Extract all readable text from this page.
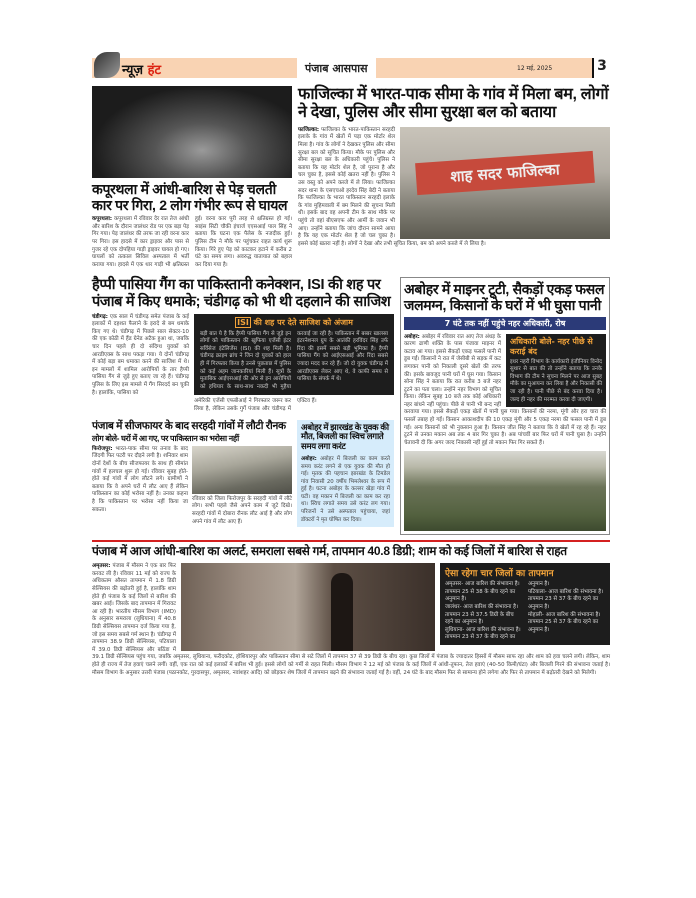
न्यूज़ हंट	पंजाब आसपास	12 मई, 2025	3
कपूरथला में आंधी-बारिश से पेड़ चलती कार पर गिरा, 2 लोग गंभीर रूप से घायल
कपूरथला: कपूरथला में रविवार देर रात तेज आंधी और बारिश के दौरान जालंधर रोड पर एक बड़ा पेड़ गिर गया। पेड़ जालंधर की तरफ जा रही वरना कार पर गिरा। इस हादसे में कार ड्राइवर और पास से गुजर रहे एक दोपहिया गाड़ी ड्राइवर घायल हो गए। घायलों को तत्काल सिविल अस्पताल में भर्ती कराया गया। हादसे में एक थार गाड़ी भी क्षतिग्रस्त हुई। वरना कार पूरी तरह से क्षतिग्रस्त हो गई। साइंस सिटी चौकी इंचार्ज एएसआई पाल सिंह ने बताया कि घटना एक पैलेस के नजदीक हुई। पुलिस टीम ने मौके पर पहुंचकर राहत कार्य शुरू किया। गिरे हुए पेड़ को काटकर हटाने में करीब 2 घंटे का समय लगा। अवरुद्ध यातायात को बहाल कर दिया गया है।
फाजिल्का में भारत-पाक सीमा के गांव में मिला बम, लोगों ने देखा, पुलिस और सीमा सुरक्षा बल को बताया
शाह सदर फाजिल्का
फाजिल्का: फाजिल्का के भारत-पाकिस्तान सरहदी इलाके के गांव में खेतों में पड़ा एक मोर्टार शेल मिला है। गांव के लोगों ने देखकर पुलिस और सीमा सुरक्षा बल को सूचित किया। मौके पर पुलिस और सीमा सुरक्षा बल के अधिकारी पहुंचे। पुलिस ने बताया कि यह मोर्टार शेल है, जो पुराना है और चल चुका है, इससे कोई खतरा नहीं है। पुलिस ने उस वस्तु को अपने कब्जे में ले लिया। फाजिल्का सदर थाना के एसएचओ हरदेव सिंह बेदी ने बताया कि फाजिल्का के भारत पाकिस्तान सरहदी इलाके के गांव मुहिमवाली में बम मिलने की सूचना मिली थी। इसके बाद वह अपनी टीम के साथ मौके पर पहुंचे तो वहां बीएसएफ और आर्मी के जवान भी आए। उन्होंने बताया कि जांच दौरान सामने आया है कि यह एक मोर्टार शेल है जो चल चुका है। इससे कोई खतरा नहीं है। लोगों ने देखा और तभी सूचित किया, बम को अपने कब्जे में ले लिया है।
हैप्पी पासिया गैंग का पाकिस्तानी कनेक्शन, ISI की शह पर पंजाब में किए धमाके; चंडीगढ़ को भी थी दहलाने की साजिश
चंडीगढ़: एक साल में चंडीगढ़ समेत पंजाब के कई इलाकों में दहशत फैलाने के इरादे से बम धमाके किए गए थे। चंडीगढ़ में पिछले साल सेक्टर-10 की एक कोठी में हैंड ग्रेनेड अटैक हुआ था, जबकि चार दिन पहले ही दो संदिग्ध युवकों को आरडीएक्स के साथ पकड़ा गया। ये दोनों चंडीगढ़ में कोई बड़ा बम धमाका करने की साजिश में थे। इन मामलों में शामिल आरोपियों के तार हैप्पी पासिया गैंग से जुड़े हुए बताए जा रहे हैं। चंडीगढ़ पुलिस के लिए इस मामले में गैंग सिरदर्द बन चुकी है। हालांकि, पासिया को
ISI की शह पर देते साजिश को अंजाम
बड़ी बात ये है कि हैप्पी पासिया गैंग से जुड़े इन लोगों को पाकिस्तान की खुफिया एजेंसी इंटर सर्विसेज इंटेलिजेंस (ISI) की शह मिली है। चंडीगढ़ क्राइम ब्रांच ने जिन दो युवकों को हाल ही में गिरफ्तार किया है उनसे पूछताछ में पुलिस को कई अहम जानकारियां मिली हैं। सूत्रों के मुताबिक आईएसआई की ओर से इन आरोपियों को हथियार के साथ-साथ नकदी भी मुहैया करवाई जा रही है। पाकिस्तान में बब्बर खालसा इंटरनेशनल ग्रुप के आतंकी हरविंदर सिंह उर्फ रिंदा की इसमें सबसे बड़ी भूमिका है। हैप्पी पासिया गैंग को आईएसआई और रिंदा सबसे ज्यादा मदद कर रहे हैं। जो दो युवक चंडीगढ़ में आरडीएक्स लेकर आए थे, वे काफी समय से पासिया के संपर्क में थे।
अमेरिकी एजेंसी एफबीआई ने गिरफ्तार जरूर कर लिया है, लेकिन उसके गुर्गे पंजाब और चंडीगढ़ में एक्टिव हैं।
पंजाब में सीजफायर के बाद सरहदी गांवों में लौटी रौनक
लोग बोले- घरों में आ गए, पर पाकिस्तान का भरोसा नहीं
फिरोजपुर: भारत-पाक सीमा पर तनाव के बाद जिंदगी फिर पटरी पर दौड़ने लगी है। शनिवार शाम दोनों देशों के बीच सीजफायर के साथ ही सीमांत गांवों में हलचल शुरू हो गई। रविवार सुबह होते-होते कई गांवों में लोग लौटने लगे। ग्रामीणों ने बताया कि वे अपने घरों में लौट आए हैं लेकिन पाकिस्तान का कोई भरोसा नहीं है। उनका कहना है कि पाकिस्तान पर भरोसा नहीं किया जा सकता।
रविवार को जिला फिरोजपुर के सरहदी गांवों में लौटे लोग। सभी पहले जैसे अपने काम में जुटे दिखे। सरहदी गांवों में दोबारा रौनक लौट आई है और लोग अपने गांव में लौट आए हैं।
अबोहर में झारखंड के युवक की मौत, बिजली का स्विच लगाते समय लगा करंट
अबोहर: अबोहर में बिजली का काम करते समय करंट लगने से एक युवक की मौत हो गई। मृतक की पहचान झारखंड के टिमडेल गांव निवासी 20 वर्षीय भिमलेश्वर के रूप में हुई है। घटना अबोहर के कल्लर खेड़ा गांव में घटी। वह मकान में बिजली का काम कर रहा था। स्विच लगाते समय उसे करंट लग गया। परिजनों ने उसे अस्पताल पहुंचाया, जहां डॉक्टरों ने मृत घोषित कर दिया।
अबोहर में माइनर टूटी, सैकड़ों एकड़ फसल जलमग्न, किसानों के घरों में भी घुसा पानी
7 घंटे तक नहीं पहुंचे नहर अधिकारी, रोष
अधिकारी बोले- नहर पीछे से कराई बंद
इधर नहरी विभाग के कार्यकारी इंजीनियर विनोद सुथार से बात की तो उन्होंने बताया कि उनके विभाग की टीम ने सूचना मिलने पर आज सुबह मौके का मुआयना कर लिया है और निकासी की जा रही है। पानी पीछे से बंद करवा दिया है। जल्द ही नहर की मरम्मत करवा दी जाएगी।
अबोहर: अबोहर में रविवार रात आए तेज अंधड़ के कारण ढाणी शक्ति के पास पंजावा माइनर में कटाव आ गया। इससे सैकड़ों एकड़ फसलें पानी में डूब गईं। किसानों ने रात में जेसीबी से सड़क में कट लगाकर पानी को निकाली दूसरे खेतों की तरफ की। इसके बावजूद पानी घरों में घुस गया। किसान सोना सिंह ने बताया कि रात करीब 3 बजे नहर टूटने का पता चला। उन्होंने नहर विभाग को सूचित किया। लेकिन सुबह 10 बजे तक कोई अधिकारी नहर बांधने नहीं पहुंचा। पीछे से पानी भी बन्द नहीं करवाया गया। इससे सैकड़ों एकड़ खेतों में पानी घुस गया। किसानों की नरमा, मूंगी और हरा चारा की फसलें तबाह हो गईं। किसान आकाशदीप की 10 एकड़ मूंगी और 5 एकड़ नरमा की फसल पानी में डूब गई। अन्य किसानों को भी नुकसान हुआ है। किसान जीत सिंह ने बताया कि वे खेतों में रह रहे हैं। नहर टूटने से उनका मकान अब तक 4 बार गिर चुका है। अब पांचवीं बार फिर घरों में पानी घुसा है। उन्होंने चेतावनी दी कि अगर जल्द निकासी नहीं हुई तो मकान फिर गिर सकते हैं।
पंजाब में आज आंधी-बारिश का अलर्ट, समराला सबसे गर्म, तापमान 40.8 डिग्री; शाम को कई जिलों में बारिश से राहत
ऐसा रहेगा चार जिलों का तापमान
अमृतसर- आज बारिश की संभावना है। तापमान 25 से 38 के बीच रहने का अनुमान है।
जालंधर- आज बारिश की संभावना है। तापमान 23 से 37.5 डिग्री के बीच रहने का अनुमान है।
लुधियाना- आज बारिश की संभावना है। तापमान 23 से 37 के बीच रहने का अनुमान है।
पटियाला- आज बारिश की संभावना है। तापमान 23 से 37 के बीच रहने का अनुमान है।
मोहाली- आज बारिश की संभावना है। तापमान 25 से 37 के बीच रहने का अनुमान है।
अमृतसर: पंजाब में मौसम ने एक बार फिर करवट ली है। रविवार 11 मई को राज्य के अधिकतम औसत तापमान में 1.8 डिग्री सेल्सियस की बढ़ोतरी हुई है, हालांकि शाम होते ही पंजाब के कई जिलों से बारिश की खबर आई। जिसके बाद तापमान में गिरावट आ रही है। भारतीय मौसम विभाग (IMD) के अनुसार समराला (लुधियाना) में 40.8 डिग्री सेल्सियस तापमान दर्ज किया गया है, जो इस समय सबसे गर्म स्थान है। चंडीगढ़ में तापमान 38.9 डिग्री सेल्सियस, पटियाला में 39.0 डिग्री सेल्सियस और बठिंडा में 39.1 डिग्री सेल्सियस पहुंच गया, जबकि अमृतसर, लुधियाना, फरीदकोट, होशियारपुर और पाकिस्तान सीमा से सटे जिलों में तापमान 37 से 39 डिग्री के बीच रहा। कुछ जिलों में पंजाब के ज्यादातर हिस्सों में मौसम साफ रहा और शाम को हवा चलने लगी। लेकिन, शाम होते ही राज्य में तेज हवाएं चलने लगीं। वहीं, एक रात को कई इलाकों में बारिश भी हुई। इससे लोगों को गर्मी से राहत मिली। मौसम विभाग ने 12 मई को पंजाब के कई जिलों में आंधी-तूफान, तेज हवाएं (40-50 किमी/घंटा) और बिजली गिरने की संभावना जताई है। मौसम विभाग के अनुसार उत्तरी पंजाब (पठानकोट, गुरदासपुर, अमृतसर, नवांशहर आदि) को छोड़कर शेष जिलों में तापमान बढ़ने की संभावना जताई गई है। वहीं, 24 घंटे के बाद मौसम फिर से सामान्य होने लगेगा और फिर से तापमान में बढ़ोतरी देखने को मिलेगी।
